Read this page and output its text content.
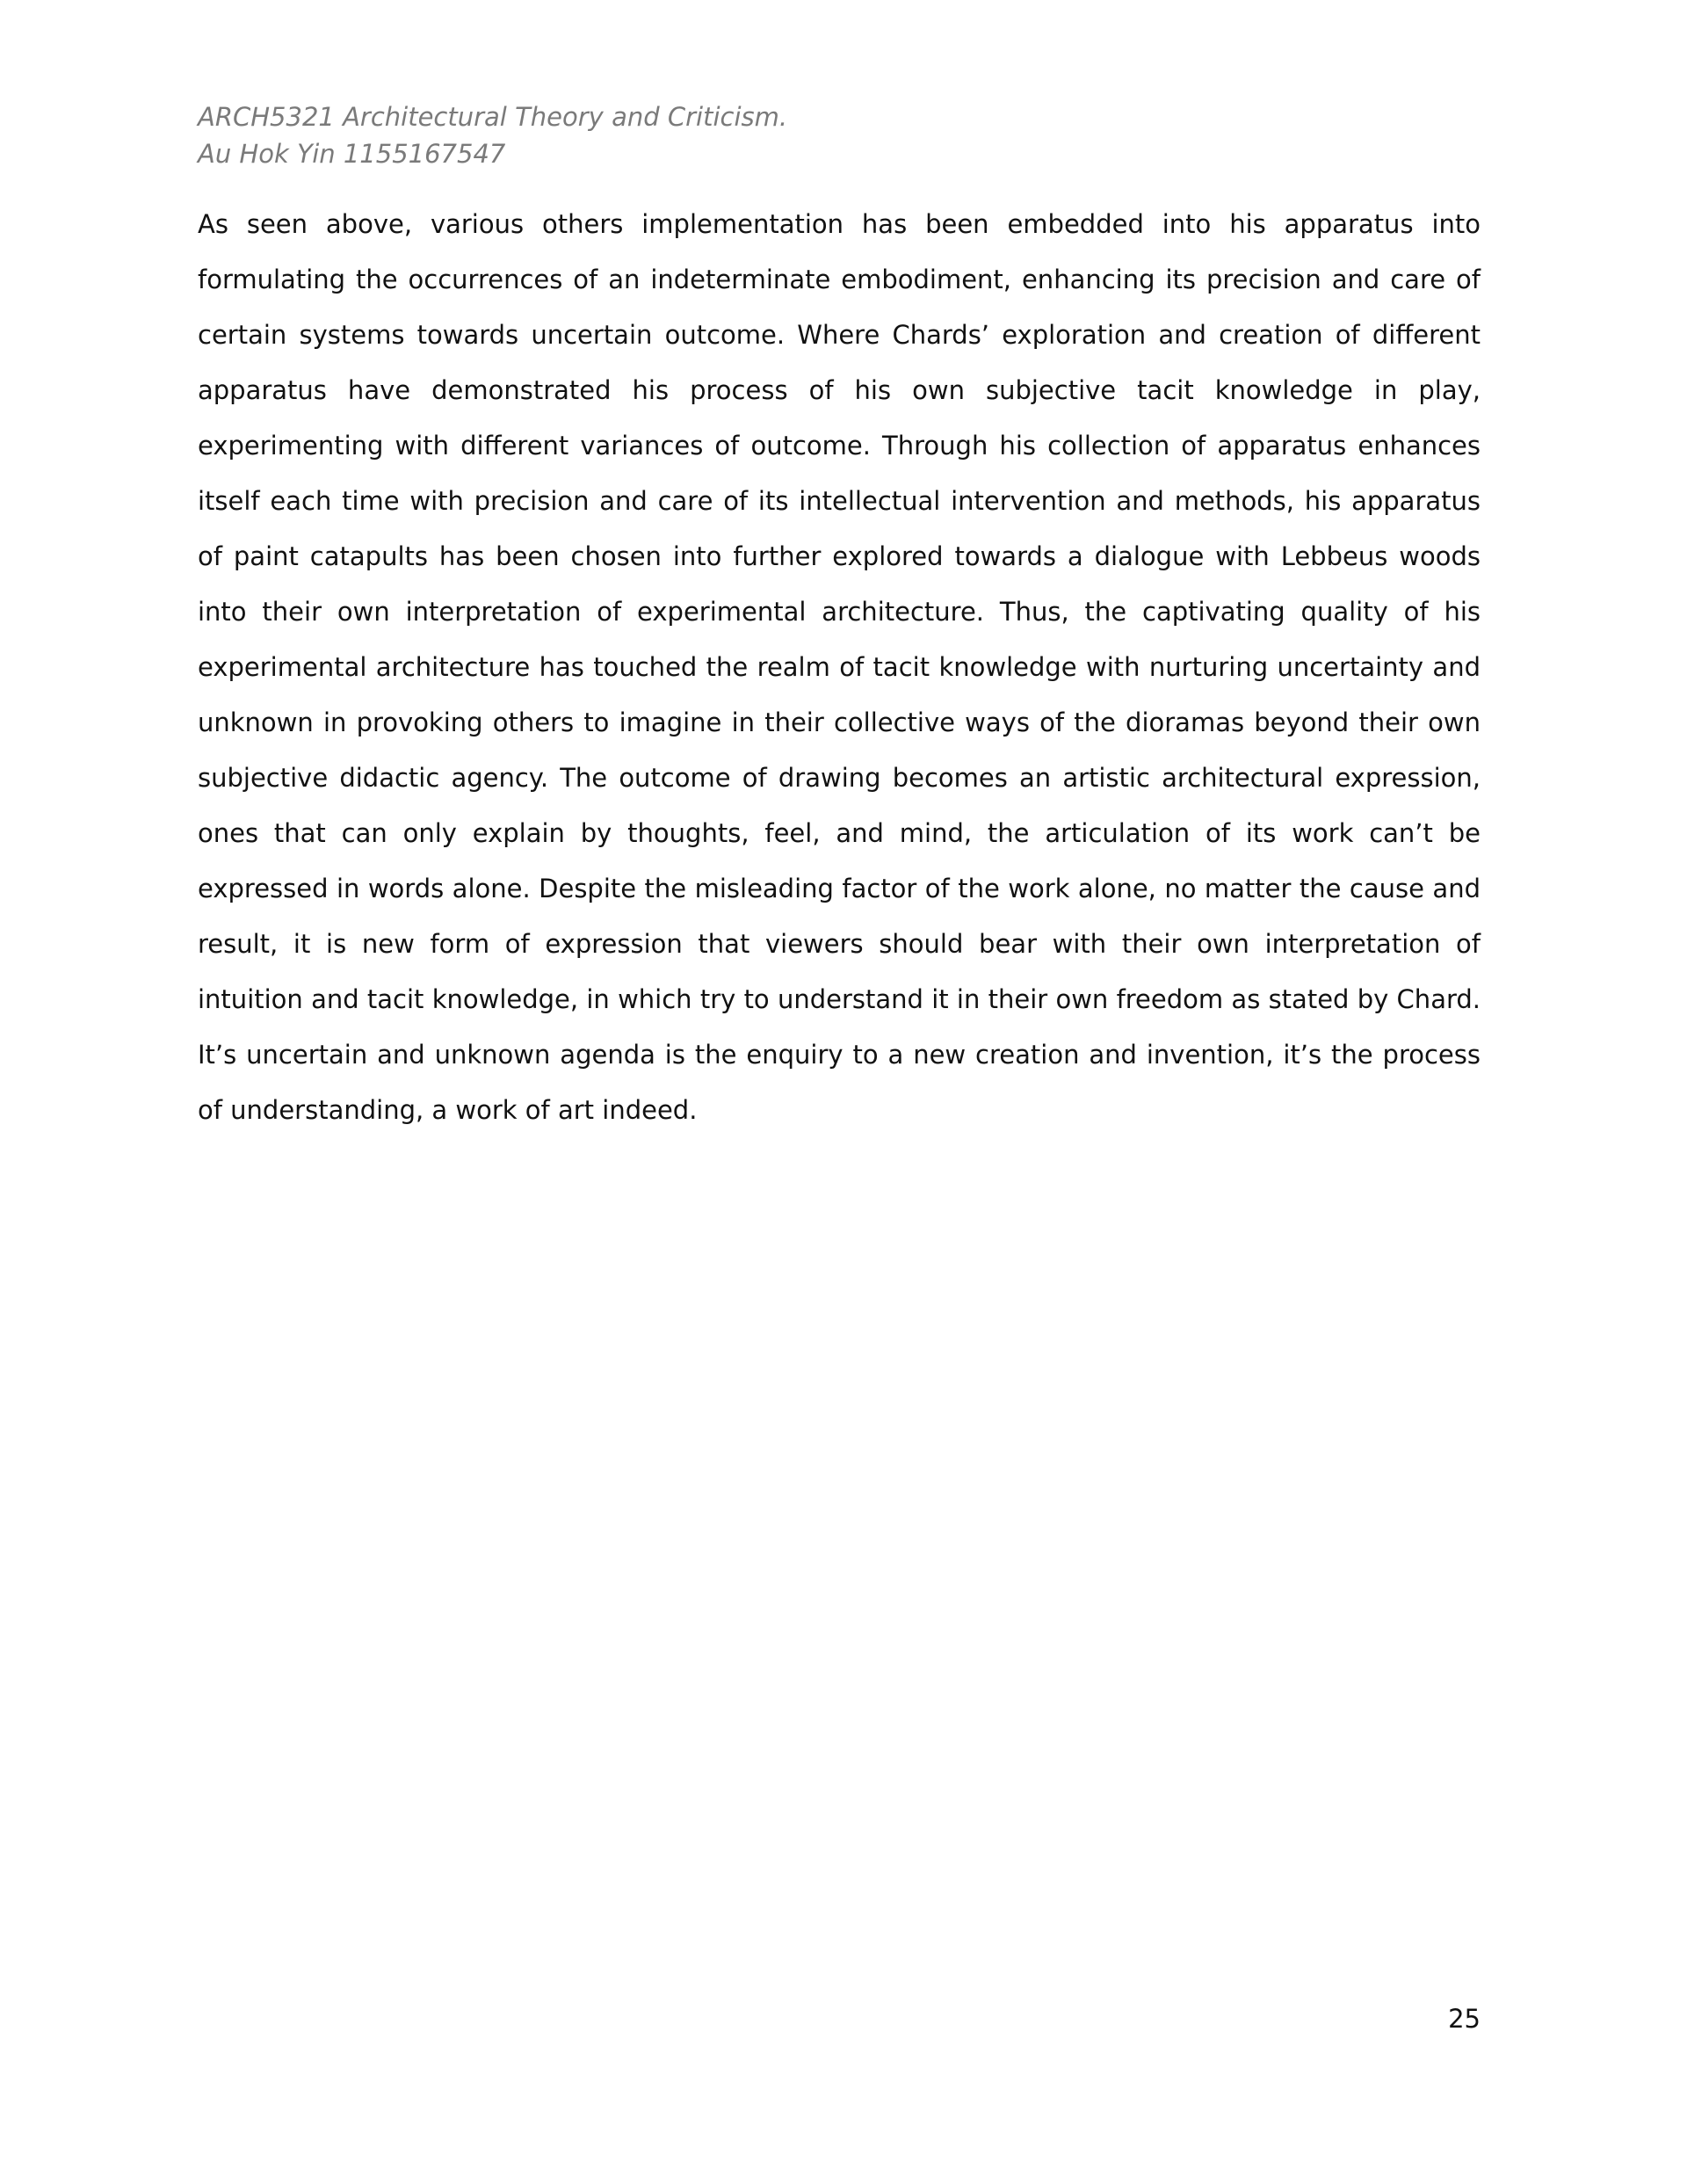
ARCH5321 Architectural Theory and Criticism.
Au Hok Yin 1155167547

As seen above, various others implementation has been embedded into his apparatus into formulating the occurrences of an indeterminate embodiment, enhancing its precision and care of certain systems towards uncertain outcome. Where Chards’ exploration and creation of different apparatus have demonstrated his process of his own subjective tacit knowledge in play, experimenting with different variances of outcome. Through his collection of apparatus enhances itself each time with precision and care of its intellectual intervention and methods, his apparatus of paint catapults has been chosen into further explored towards a dialogue with Lebbeus woods into their own interpretation of experimental architecture. Thus, the captivating quality of his experimental architecture has touched the realm of tacit knowledge with nurturing uncertainty and unknown in provoking others to imagine in their collective ways of the dioramas beyond their own subjective didactic agency. The outcome of drawing becomes an artistic architectural expression, ones that can only explain by thoughts, feel, and mind, the articulation of its work can’t be expressed in words alone. Despite the misleading factor of the work alone, no matter the cause and result, it is new form of expression that viewers should bear with their own interpretation of intuition and tacit knowledge, in which try to understand it in their own freedom as stated by Chard. It’s uncertain and unknown agenda is the enquiry to a new creation and invention, it’s the process of understanding, a work of art indeed.

25
